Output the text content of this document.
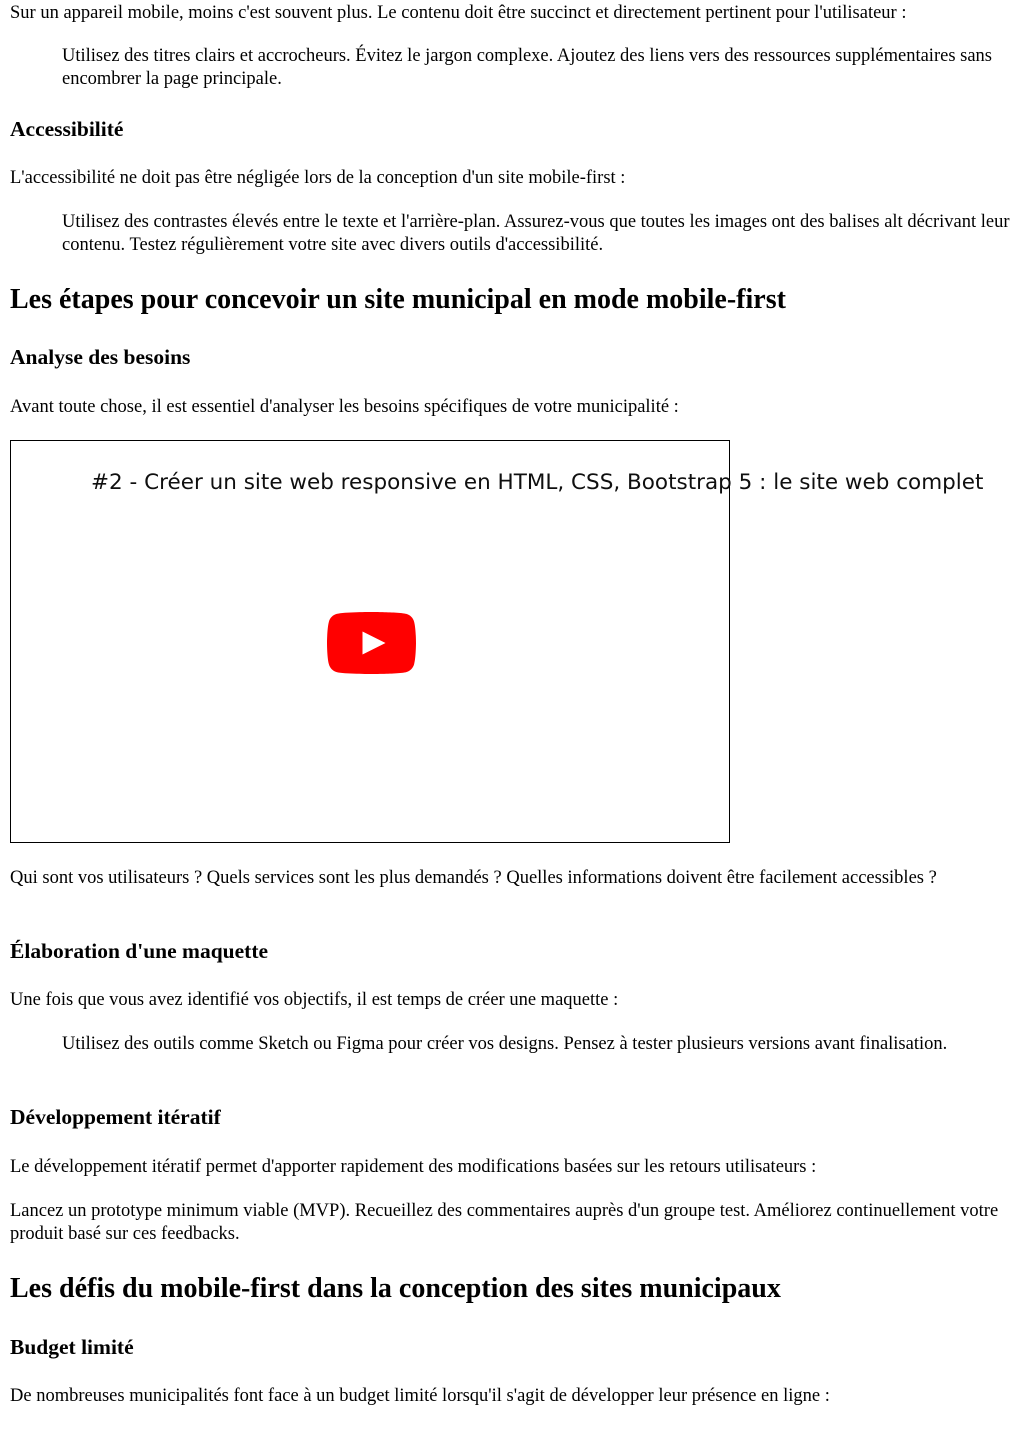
Sur un appareil mobile, moins c'est souvent plus. Le contenu doit être succinct et directement pertinent pour l'utilisateur :

Utilisez des titres clairs et accrocheurs. Évitez le jargon complexe. Ajoutez des liens vers des ressources supplémentaires sans encombrer la page principale.

Accessibilité

L'accessibilité ne doit pas être négligée lors de la conception d'un site mobile-first :

Utilisez des contrastes élevés entre le texte et l'arrière-plan. Assurez-vous que toutes les images ont des balises alt décrivant leur contenu. Testez régulièrement votre site avec divers outils d'accessibilité.

Les étapes pour concevoir un site municipal en mode mobile-first
Analyse des besoins

Avant toute chose, il est essentiel d'analyser les besoins spécifiques de votre municipalité :

#2 - Créer un site web responsive en HTML, CSS, Bootstrap 5 : le site web complet

Qui sont vos utilisateurs ? Quels services sont les plus demandés ? Quelles informations doivent être facilement accessibles ?

Élaboration d'une maquette

Une fois que vous avez identifié vos objectifs, il est temps de créer une maquette :

Utilisez des outils comme Sketch ou Figma pour créer vos designs. Pensez à tester plusieurs versions avant finalisation.

Développement itératif

Le développement itératif permet d'apporter rapidement des modifications basées sur les retours utilisateurs :

Lancez un prototype minimum viable (MVP). Recueillez des commentaires auprès d'un groupe test. Améliorez continuellement votre produit basé sur ces feedbacks.

Les défis du mobile-first dans la conception des sites municipaux
Budget limité

De nombreuses municipalités font face à un budget limité lorsqu'il s'agit de développer leur présence en ligne :
